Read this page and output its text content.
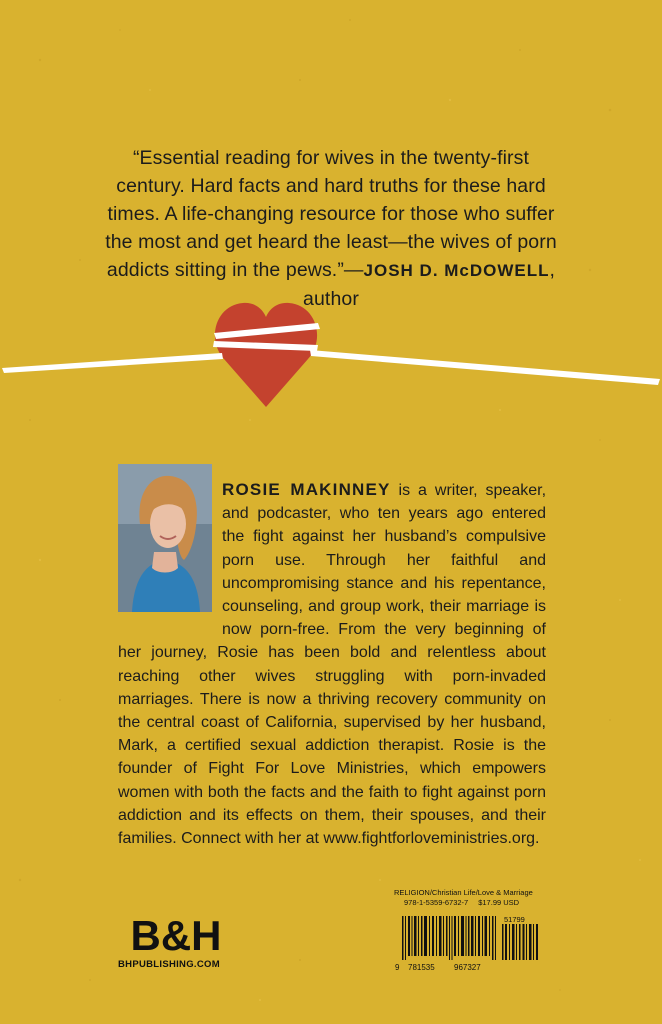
“Essential reading for wives in the twenty-first century. Hard facts and hard truths for these hard times. A life-changing resource for those who suffer the most and get heard the least—the wives of porn addicts sitting in the pews.”—JOSH D. McDOWELL, author

ROSIE MAKINNEY is a writer, speaker, and podcaster, who ten years ago entered the fight against her husband’s compulsive porn use. Through her faithful and uncompromising stance and his repentance, counseling, and group work, their marriage is now porn-free. From the very beginning of her journey, Rosie has been bold and relentless about reaching other wives struggling with porn-invaded marriages. There is now a thriving recovery community on the central coast of California, supervised by her husband, Mark, a certified sexual addiction therapist. Rosie is the founder of Fight For Love Ministries, which empowers women with both the facts and the faith to fight against porn addiction and its effects on them, their spouses, and their families. Connect with her at www.fightforloveministries.org.

B&H
BHPUBLISHING.COM
RELIGION/Christian Life/Love & Marriage
978-1-5359-6732-7 $17.99 USD
9 781535 967327
51799
